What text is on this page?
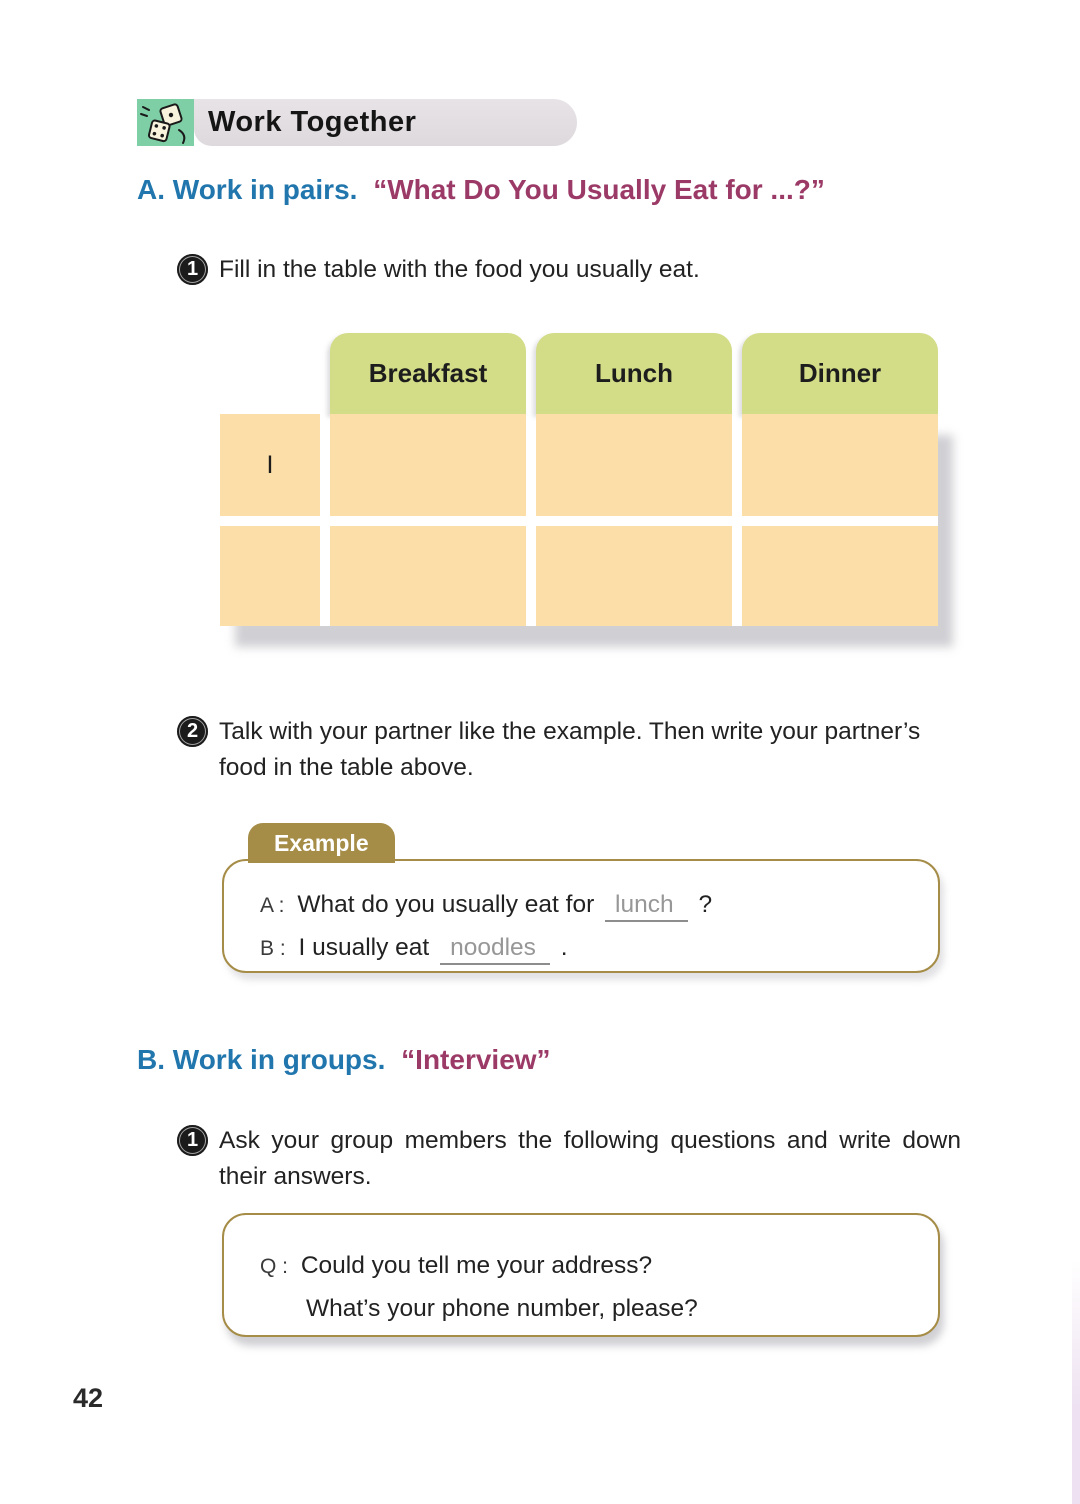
Work Together
A. Work in pairs. “What Do You Usually Eat for ...?”
1 Fill in the table with the food you usually eat.
Breakfast	Lunch	Dinner
I
2 Talk with your partner like the example. Then write your partner’s food in the table above.
Example
A : What do you usually eat for lunch ?
B : I usually eat noodles .
B. Work in groups. “Interview”
1 Ask your group members the following questions and write down their answers.
Q : Could you tell me your address?
What’s your phone number, please?
42
